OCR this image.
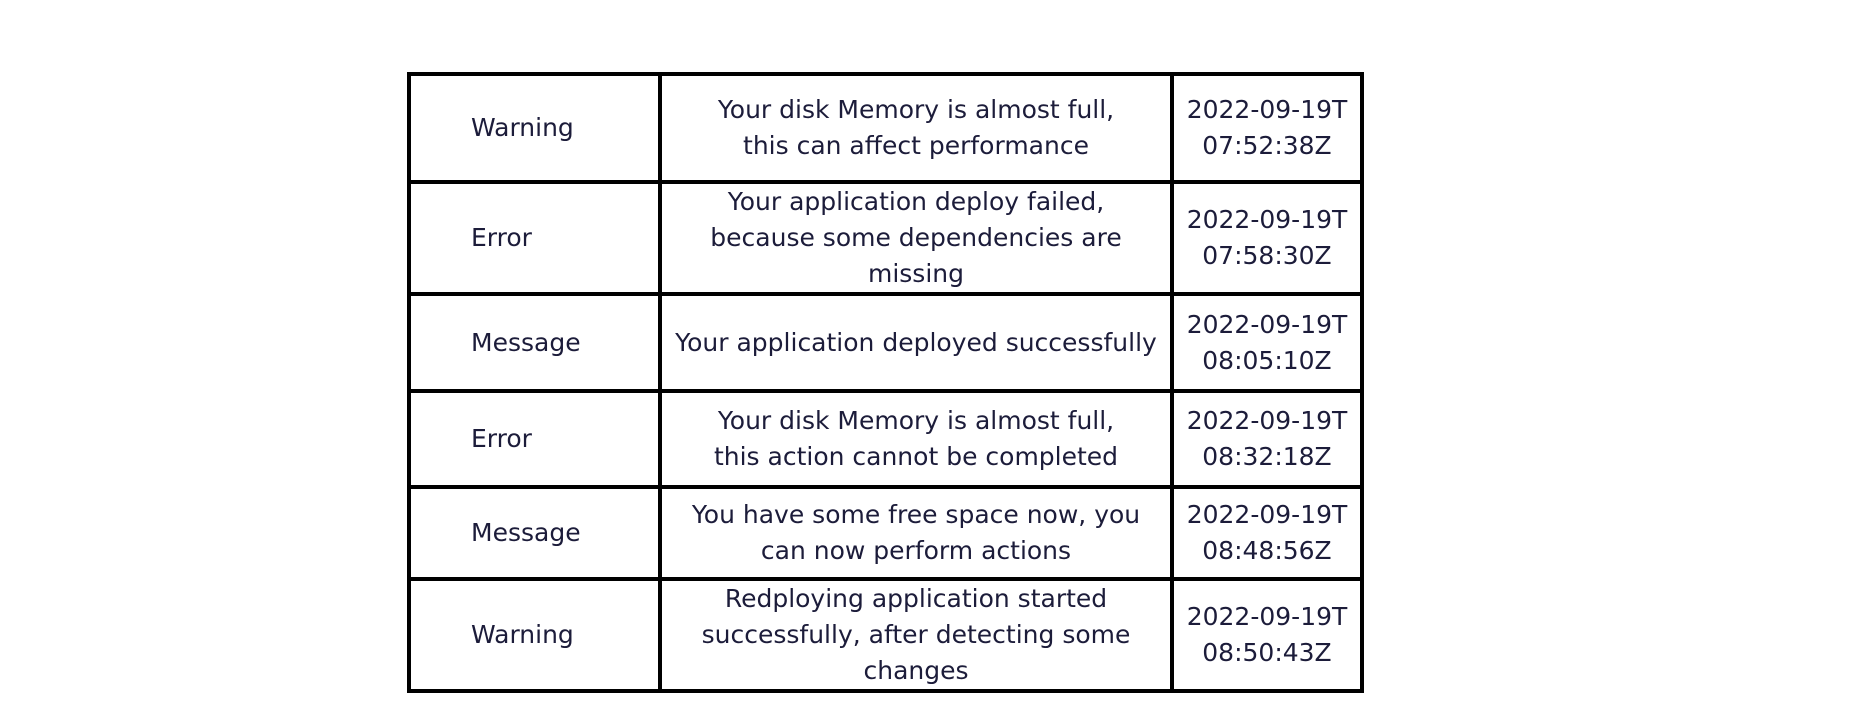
Warning	Your disk Memory is almost full, this can affect performance	2022-09-19T07:52:38Z
Error	Your application deploy failed, because some dependencies are missing	2022-09-19T07:58:30Z
Message	Your application deployed successfully	2022-09-19T08:05:10Z
Error	Your disk Memory is almost full, this action cannot be completed	2022-09-19T08:32:18Z
Message	You have some free space now, you can now perform actions	2022-09-19T08:48:56Z
Warning	Redploying application started successfully, after detecting some changes	2022-09-19T08:50:43Z
